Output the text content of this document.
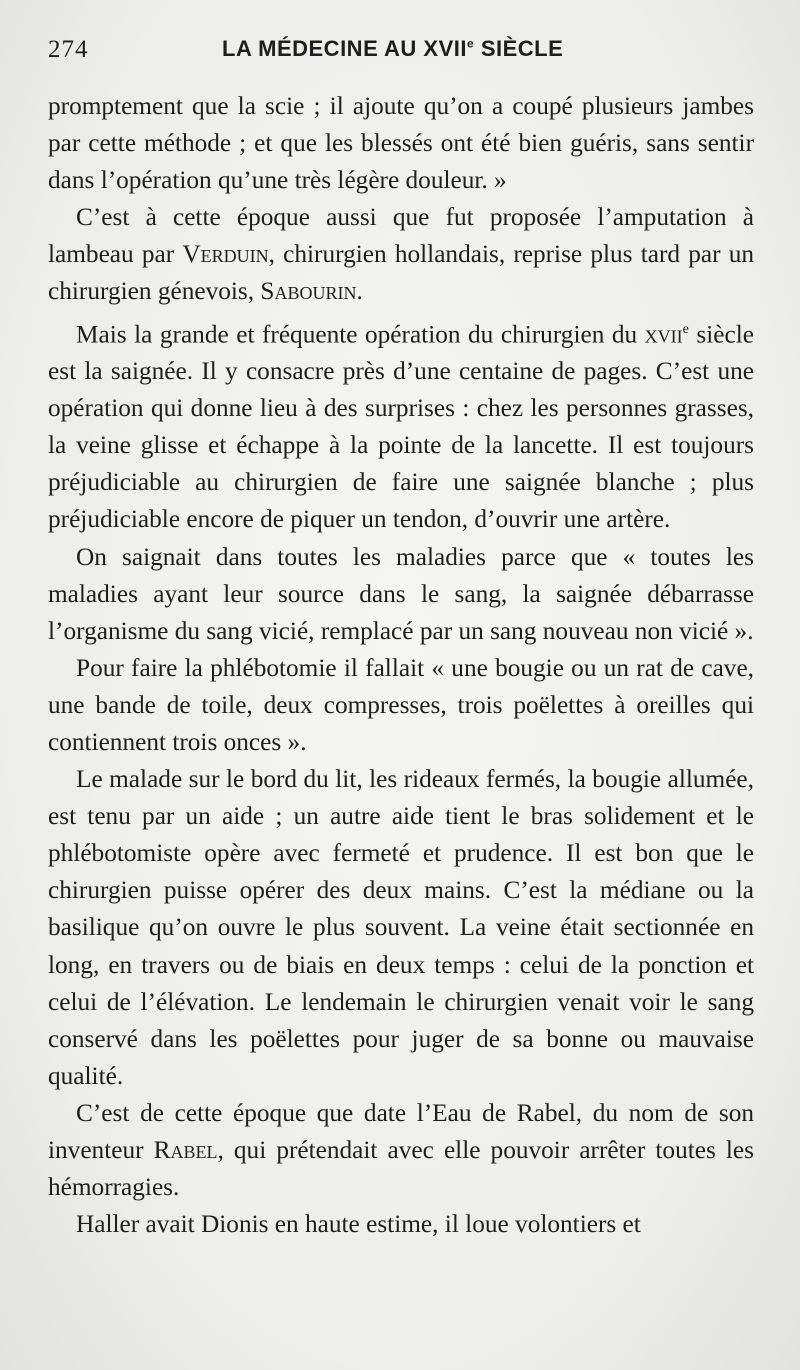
274	LA MÉDECINE AU XVIIe SIÈCLE

promptement que la scie ; il ajoute qu’on a coupé plusieurs jambes par cette méthode ; et que les blessés ont été bien guéris, sans sentir dans l’opération qu’une très légère douleur. »

C’est à cette époque aussi que fut proposée l’amputation à lambeau par Verduin, chirurgien hollandais, reprise plus tard par un chirurgien génevois, Sabourin.

Mais la grande et fréquente opération du chirurgien du xvii$^e$ siècle est la saignée. Il y consacre près d’une centaine de pages. C’est une opération qui donne lieu à des surprises : chez les personnes grasses, la veine glisse et échappe à la pointe de la lancette. Il est toujours préjudiciable au chirurgien de faire une saignée blanche ; plus préjudiciable encore de piquer un tendon, d’ouvrir une artère.

On saignait dans toutes les maladies parce que « toutes les maladies ayant leur source dans le sang, la saignée débarrasse l’organisme du sang vicié, remplacé par un sang nouveau non vicié ».

Pour faire la phlébotomie il fallait « une bougie ou un rat de cave, une bande de toile, deux compresses, trois poëlettes à oreilles qui contiennent trois onces ».

Le malade sur le bord du lit, les rideaux fermés, la bougie allumée, est tenu par un aide ; un autre aide tient le bras solidement et le phlébotomiste opère avec fermeté et prudence. Il est bon que le chirurgien puisse opérer des deux mains. C’est la médiane ou la basilique qu’on ouvre le plus souvent. La veine était sectionnée en long, en travers ou de biais en deux temps : celui de la ponction et celui de l’élévation. Le lendemain le chirurgien venait voir le sang conservé dans les poëlettes pour juger de sa bonne ou mauvaise qualité.

C’est de cette époque que date l’Eau de Rabel, du nom de son inventeur Rabel, qui prétendait avec elle pouvoir arrêter toutes les hémorragies.

Haller avait Dionis en haute estime, il loue volontiers et
